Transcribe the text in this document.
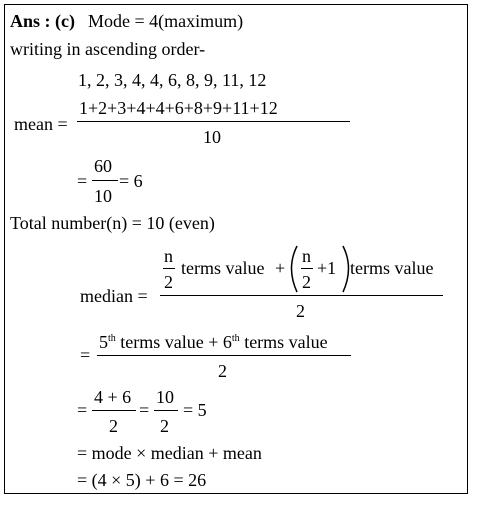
Ans : (c) Mode = 4(maximum)
writing in ascending order-
1, 2, 3, 4, 4, 6, 8, 9, 11, 12
mean =
1+2+3+4+4+6+8+9+11+12
10
=
60
10
= 6
Total number(n) = 10 (even)
median =
n
2
terms value +
n
2
+1 terms value
2
=
5th terms value + 6th terms value
2
=
4 + 6
2
=
10
2
= 5
= mode × median + mean
= (4 × 5) + 6 = 26
